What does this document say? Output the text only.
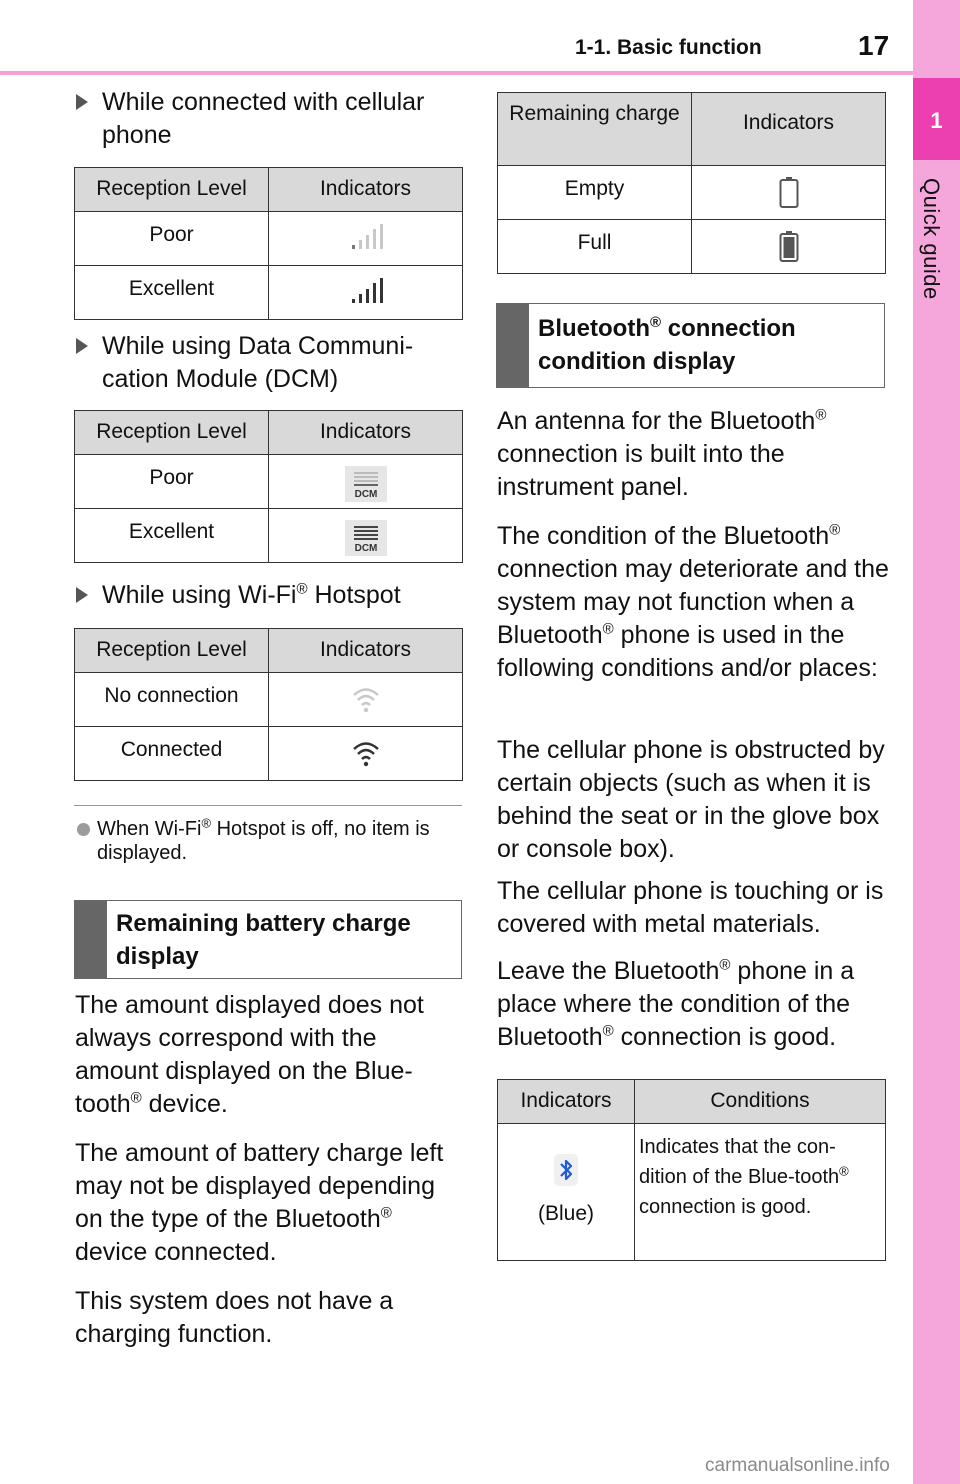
1-1. Basic function	17
1
Quick guide
While connected with cellular phone
Reception Level	Indicators
Poor	
Excellent	
While using Data Communi-cation Module (DCM)
Reception Level	Indicators
Poor	DCM

Excellent	DCM
While using Wi-Fi® Hotspot
Reception Level	Indicators
No connection	
Connected	
When Wi-Fi® Hotspot is off, no item is displayed.
Remaining battery charge display
The amount displayed does not always correspond with the amount displayed on the Blue-tooth® device.
The amount of battery charge left may not be displayed depending on the type of the Bluetooth® device connected.
This system does not have a charging function.
Remaining charge	Indicators
Empty	
Full	
Bluetooth® connection condition display
An antenna for the Bluetooth® connection is built into the instrument panel.
The condition of the Bluetooth® connection may deteriorate and the system may not function when a Bluetooth® phone is used in the following conditions and/or places:
The cellular phone is obstructed by certain objects (such as when it is behind the seat or in the glove box or console box).
The cellular phone is touching or is covered with metal materials.
Leave the Bluetooth® phone in a place where the condition of the Bluetooth® connection is good.
Indicators	Conditions

(Blue)	Indicates that the con-dition of the Blue-tooth® connection is good.
carmanualsonline.info
